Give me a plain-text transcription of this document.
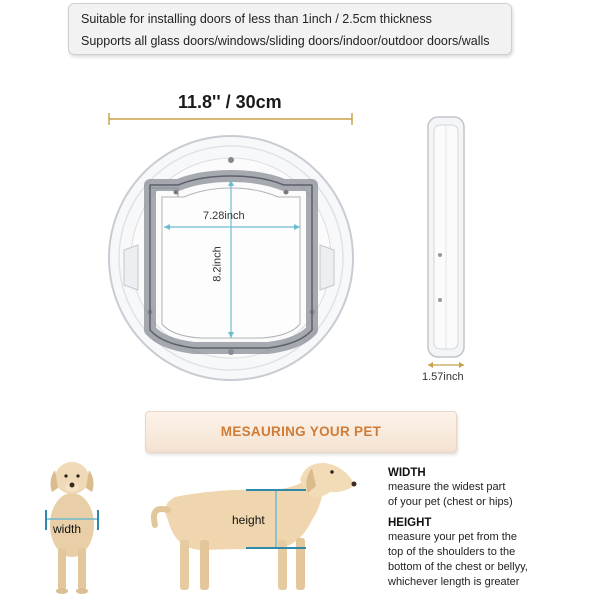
Suitable for installing doors of less than 1inch / 2.5cm thickness
Supports all glass doors/windows/sliding doors/indoor/outdoor doors/walls
11.8'' / 30cm
7.28inch
8.2inch
1.57inch
MESAURING YOUR PET
width
height
WIDTH
measure the widest part
of your pet (chest or hips)
HEIGHT
measure your pet from the
top of the shoulders to the
bottom of the chest or bellyy,
whichever length is greater
